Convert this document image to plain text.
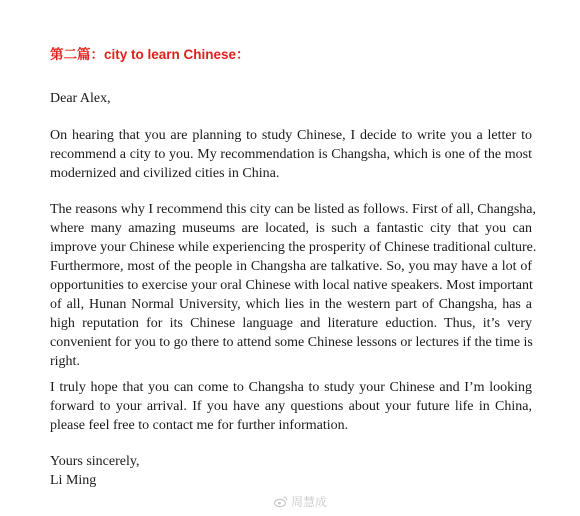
第二篇：city to learn Chinese：

Dear Alex,

On hearing that you are planning to study Chinese, I decide to write you a letter to
recommend a city to you. My recommendation is Changsha, which is one of the most
modernized and civilized cities in China.

The reasons why I recommend this city can be listed as follows. First of all, Changsha,
where many amazing museums are located, is such a fantastic city that you can
improve your Chinese while experiencing the prosperity of Chinese traditional culture.
Furthermore, most of the people in Changsha are talkative. So, you may have a lot of
opportunities to exercise your oral Chinese with local native speakers. Most important
of all, Hunan Normal University, which lies in the western part of Changsha, has a
high reputation for its Chinese language and literature eduction. Thus, it’s very
convenient for you to go there to attend some Chinese lessons or lectures if the time is
right.

I truly hope that you can come to Changsha to study your Chinese and I’m looking
forward to your arrival. If you have any questions about your future life in China,
please feel free to contact me for further information.

Yours sincerely,
Li Ming

周慧成
